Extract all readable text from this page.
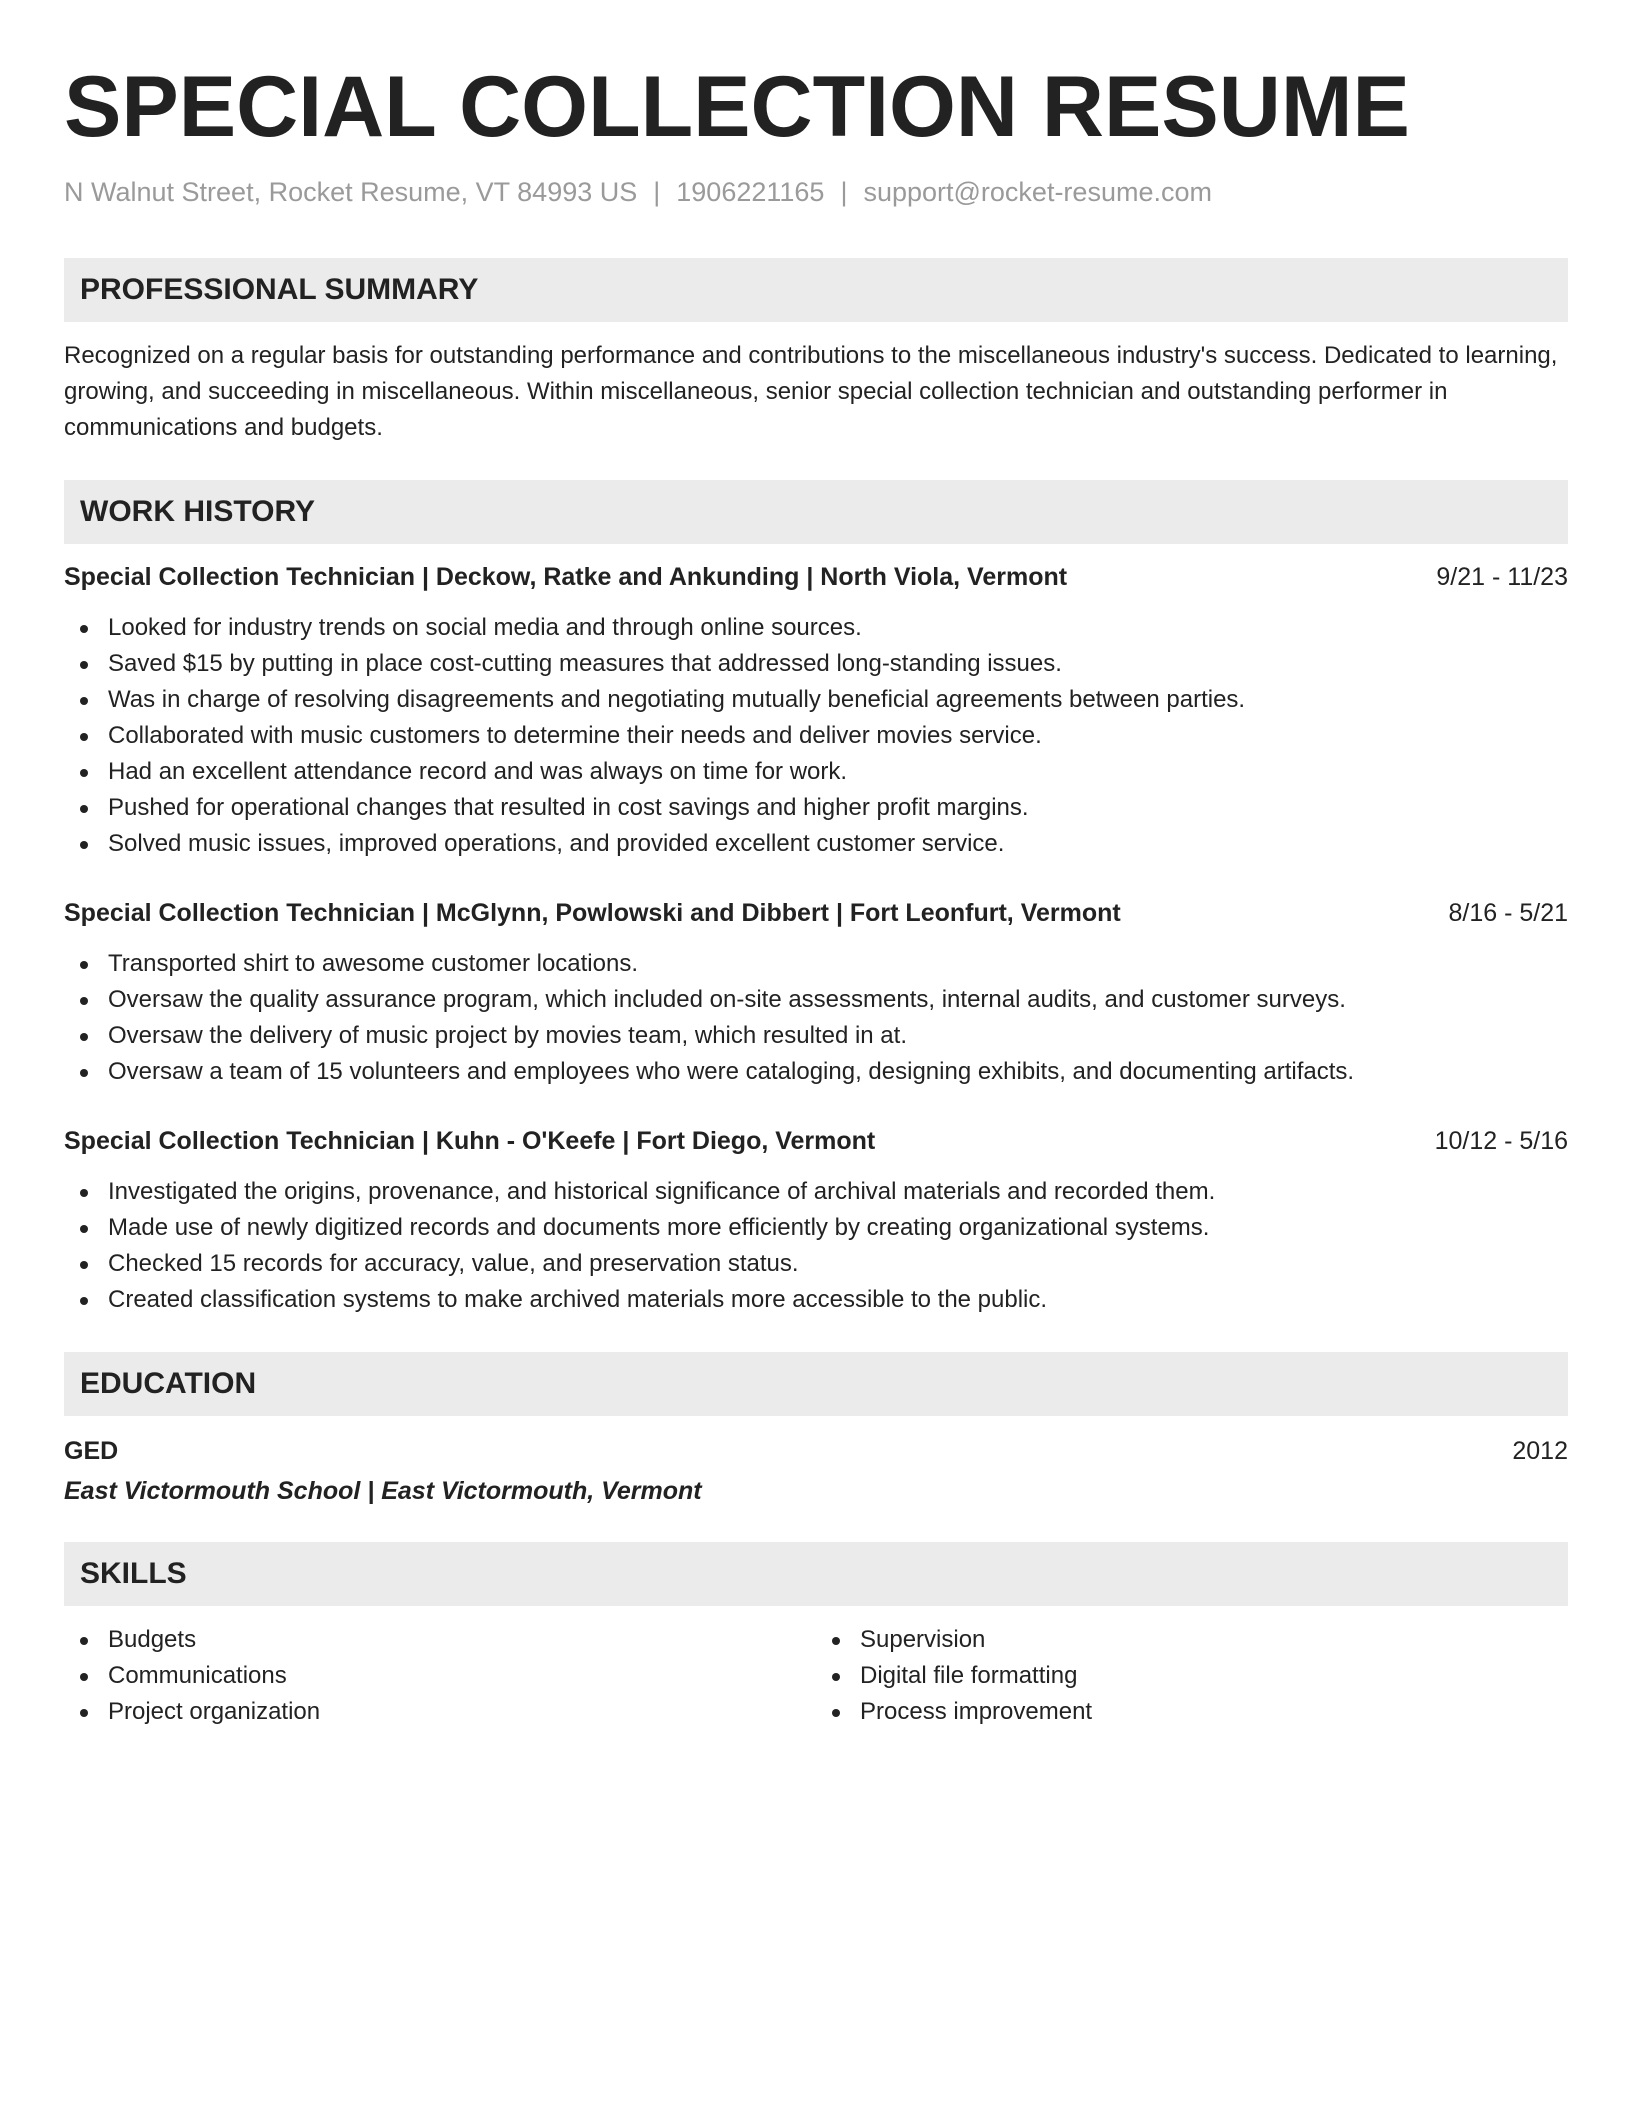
SPECIAL COLLECTION RESUME
N Walnut Street, Rocket Resume, VT 84993 US | 1906221165 | support@rocket-resume.com
PROFESSIONAL SUMMARY
Recognized on a regular basis for outstanding performance and contributions to the miscellaneous industry's success. Dedicated to learning, growing, and succeeding in miscellaneous. Within miscellaneous, senior special collection technician and outstanding performer in communications and budgets.
WORK HISTORY
Special Collection Technician | Deckow, Ratke and Ankunding | North Viola, Vermont	9/21 - 11/23
Looked for industry trends on social media and through online sources.
Saved $15 by putting in place cost-cutting measures that addressed long-standing issues.
Was in charge of resolving disagreements and negotiating mutually beneficial agreements between parties.
Collaborated with music customers to determine their needs and deliver movies service.
Had an excellent attendance record and was always on time for work.
Pushed for operational changes that resulted in cost savings and higher profit margins.
Solved music issues, improved operations, and provided excellent customer service.
Special Collection Technician | McGlynn, Powlowski and Dibbert | Fort Leonfurt, Vermont	8/16 - 5/21
Transported shirt to awesome customer locations.
Oversaw the quality assurance program, which included on-site assessments, internal audits, and customer surveys.
Oversaw the delivery of music project by movies team, which resulted in at.
Oversaw a team of 15 volunteers and employees who were cataloging, designing exhibits, and documenting artifacts.
Special Collection Technician | Kuhn - O'Keefe | Fort Diego, Vermont	10/12 - 5/16
Investigated the origins, provenance, and historical significance of archival materials and recorded them.
Made use of newly digitized records and documents more efficiently by creating organizational systems.
Checked 15 records for accuracy, value, and preservation status.
Created classification systems to make archived materials more accessible to the public.
EDUCATION
GED	2012
East Victormouth School | East Victormouth, Vermont
SKILLS
Budgets
Communications
Project organization
Supervision
Digital file formatting
Process improvement
